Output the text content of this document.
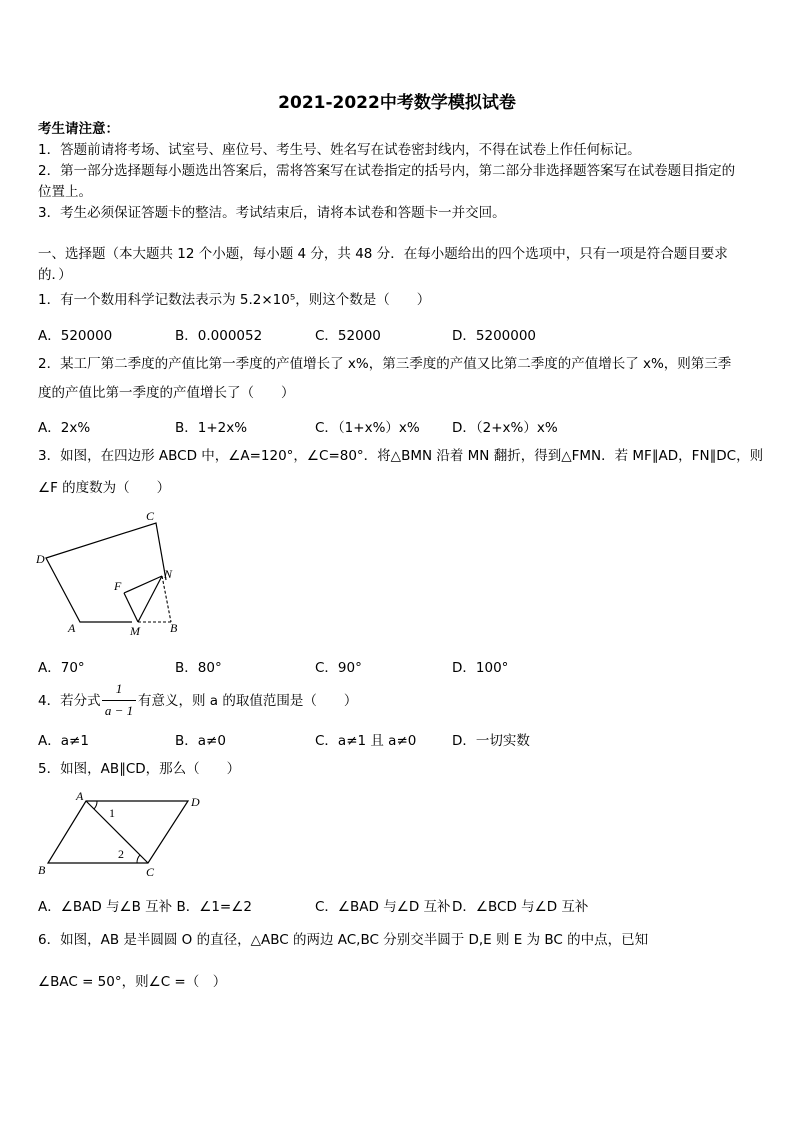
2021-2022中考数学模拟试卷
考生请注意：
1．答题前请将考场、试室号、座位号、考生号、姓名写在试卷密封线内，不得在试卷上作任何标记。
2．第一部分选择题每小题选出答案后，需将答案写在试卷指定的括号内，第二部分非选择题答案写在试卷题目指定的
位置上。
3．考生必须保证答题卡的整洁。考试结束后，请将本试卷和答题卡一并交回。
一、选择题（本大题共 12 个小题，每小题 4 分，共 48 分．在每小题给出的四个选项中，只有一项是符合题目要求
的．）
1．有一个数用科学记数法表示为 5.2×10⁵，则这个数是（　　）
A．520000	B．0.000052	C．52000	D．5200000
2．某工厂第二季度的产值比第一季度的产值增长了 x%，第三季度的产值又比第二季度的产值增长了 x%，则第三季
度的产值比第一季度的产值增长了（　　）
A．2x%	B．1+2x%	C．（1+x%）x% D．（2+x%）x%
3．如图，在四边形 ABCD 中，∠A=120°，∠C=80°．将△BMN 沿着 MN 翻折，得到△FMN．若 MF∥AD，FN∥DC，则
∠F 的度数为（　　）
C
D
F
N
A	M	B
A．70°	B．80°	C．90°	D．100°
4．若分式
1
a − 1
有意义，则 a 的取值范围是（　　）
A．a≠1	B．a≠0	C．a≠1 且 a≠0	D．一切实数
5．如图，AB∥CD，那么（　　）
A	D
1
2
B	C
A．∠BAD 与∠B 互补 B．∠1=∠2	C．∠BAD 与∠D 互补 D．∠BCD 与∠D 互补
6．如图，AB 是半圆圆 O 的直径，△ABC 的两边 AC,BC 分别交半圆于 D,E 则 E 为 BC 的中点，已知
∠BAC = 50°，则∠C =（　）
